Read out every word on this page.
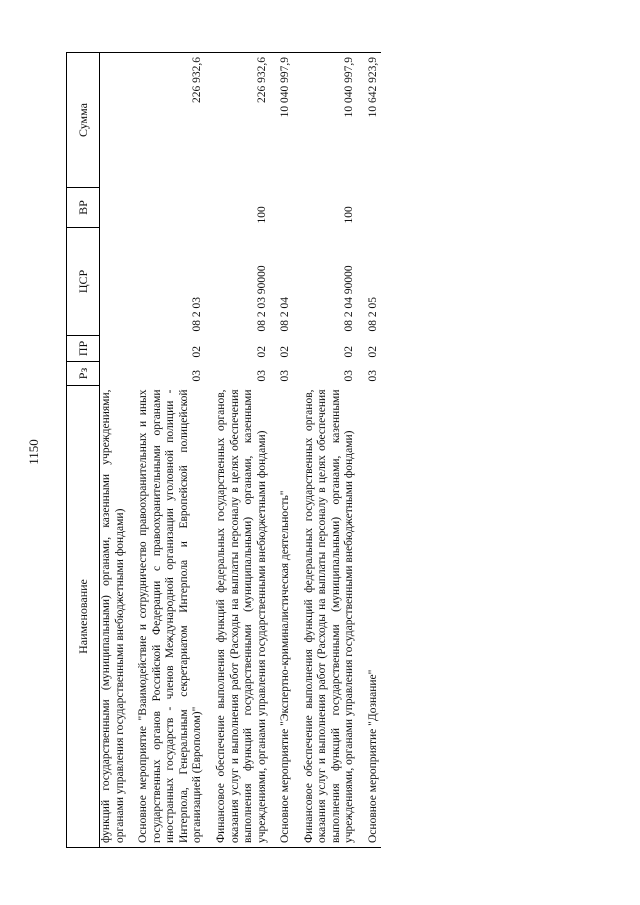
1150
Наименование	Рз	ПР	ЦСР	ВР	Сумма
функций государственными (муниципальными) органами, казенными учреждениями, органами управления государственными внебюджетными фондами)					

Основное мероприятие "Взаимодействие и сотрудничество правоохранительных и иных государственных органов Российской Федерации с правоохранительными органами иностранных государств - членов Международной организации уголовной полиции - Интерпола, Генеральным секретариатом Интерпола и Европейской полицейской организацией (Европолом)"	03	02	08 2 03		226 932,6

Финансовое обеспечение выполнения функций федеральных государственных органов, оказания услуг и выполнения работ (Расходы на выплаты персоналу в целях обеспечения выполнения функций государственными (муниципальными) органами, казенными учреждениями, органами управления государственными внебюджетными фондами)	03	02	08 2 03 90000	100	226 932,6

Основное мероприятие "Экспертно-криминалистическая деятельность"	03	02	08 2 04		10 040 997,9

Финансовое обеспечение выполнения функций федеральных государственных органов, оказания услуг и выполнения работ (Расходы на выплаты персоналу в целях обеспечения выполнения функций государственными (муниципальными) органами, казенными учреждениями, органами управления государственными внебюджетными фондами)	03	02	08 2 04 90000	100	10 040 997,9

Основное мероприятие "Дознание"	03	02	08 2 05		10 642 923,9
